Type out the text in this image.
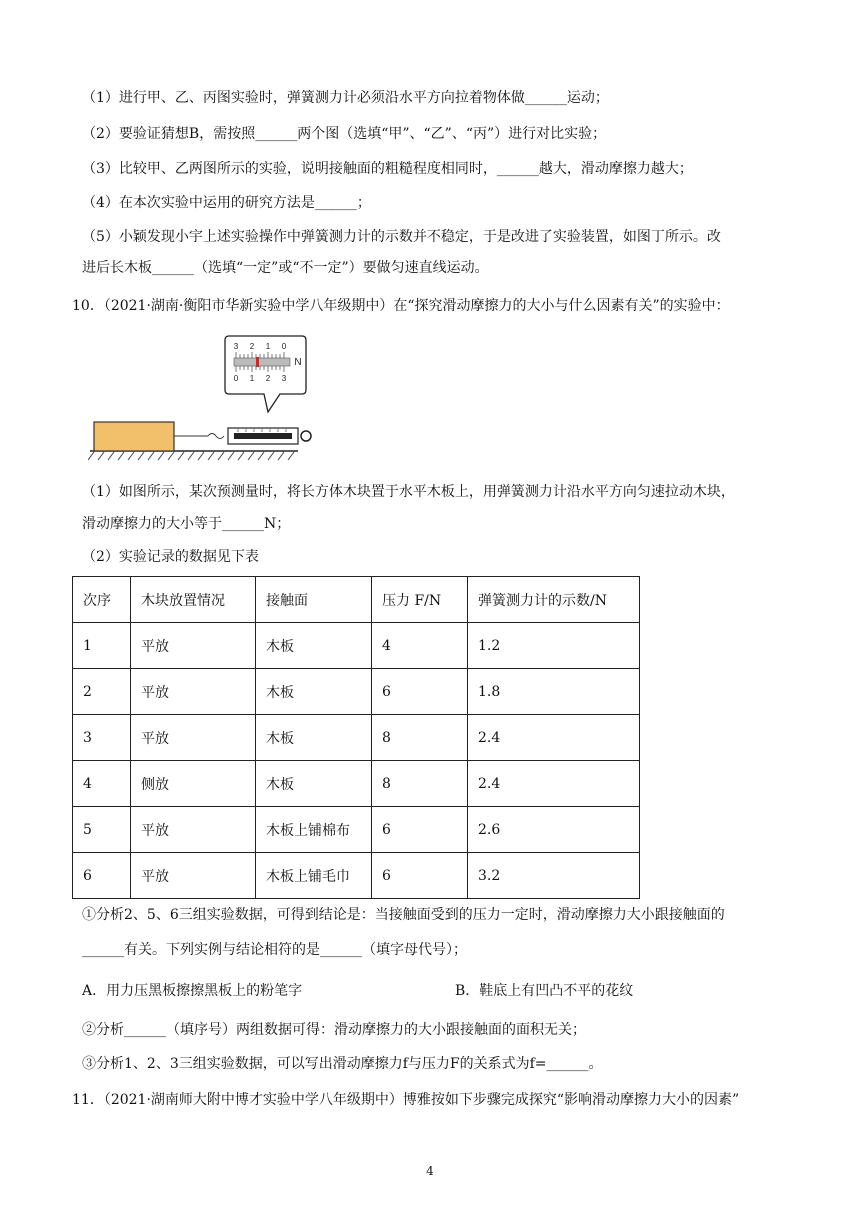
（1）进行甲、乙、丙图实验时，弹簧测力计必须沿水平方向拉着物体做______运动；
（2）要验证猜想B，需按照______两个图（选填“甲”、“乙”、“丙”）进行对比实验；
（3）比较甲、乙两图所示的实验，说明接触面的粗糙程度相同时，______越大，滑动摩擦力越大；
（4）在本次实验中运用的研究方法是______；
（5）小颖发现小宇上述实验操作中弹簧测力计的示数并不稳定，于是改进了实验装置，如图丁所示。改
进后长木板______（选填“一定”或“不一定”）要做匀速直线运动。
10．（2021·湖南·衡阳市华新实验中学八年级期中）在“探究滑动摩擦力的大小与什么因素有关”的实验中：
3 2 1 0
0 1 2 3
N
（1）如图所示，某次预测量时，将长方体木块置于水平木板上，用弹簧测力计沿水平方向匀速拉动木块，
滑动摩擦力的大小等于______N；
（2）实验记录的数据见下表
次序	木块放置情况	接触面	压力 F/N	弹簧测力计的示数/N
1	平放	木板	4	1.2
2	平放	木板	6	1.8
3	平放	木板	8	2.4
4	侧放	木板	8	2.4
5	平放	木板上铺棉布	6	2.6
6	平放	木板上铺毛巾	6	3.2
①分析2、5、6三组实验数据，可得到结论是：当接触面受到的压力一定时，滑动摩擦力大小跟接触面的
______有关。下列实例与结论相符的是______（填字母代号）；
A．用力压黑板擦擦黑板上的粉笔字	B．鞋底上有凹凸不平的花纹
②分析______（填序号）两组数据可得：滑动摩擦力的大小跟接触面的面积无关；
③分析1、2、3三组实验数据，可以写出滑动摩擦力f与压力F的关系式为f=______。
11．（2021·湖南师大附中博才实验中学八年级期中）博雅按如下步骤完成探究“影响滑动摩擦力大小的因素”
4
